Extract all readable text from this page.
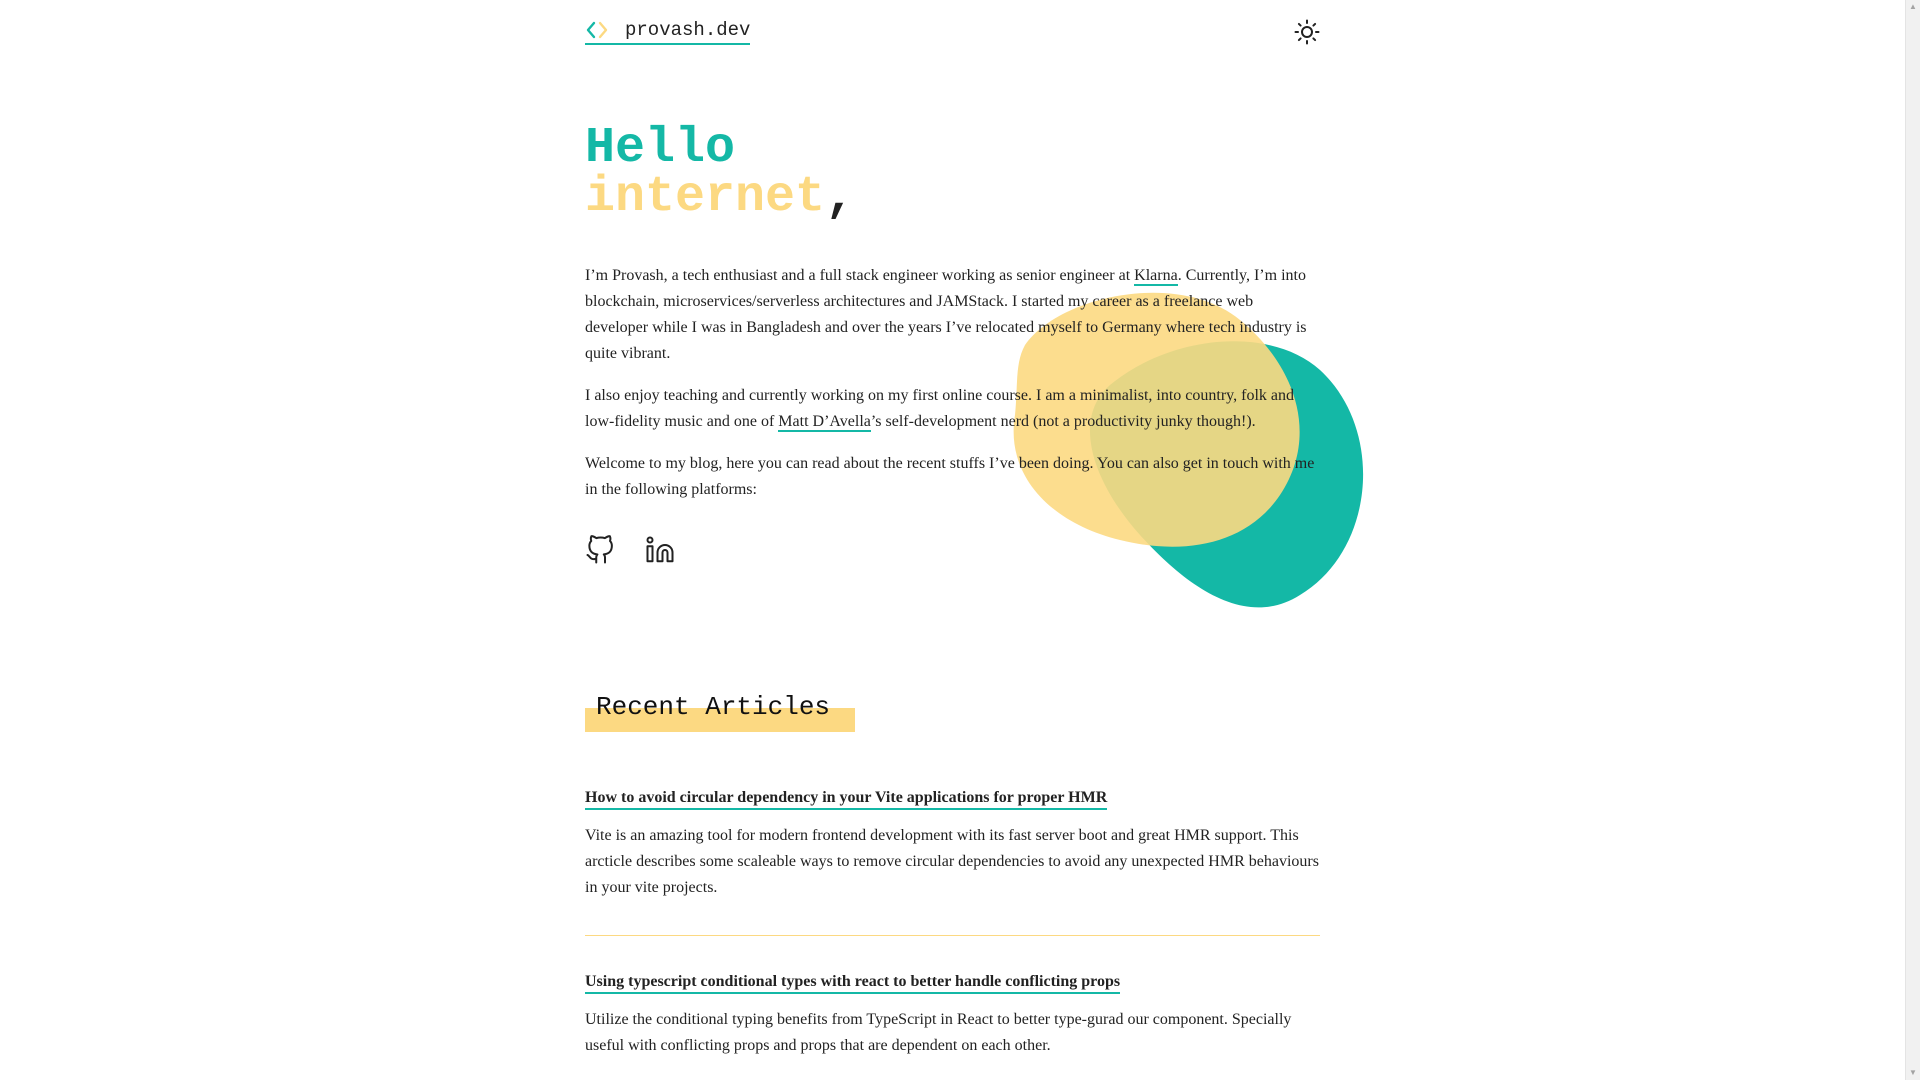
provash.dev
Hello
internet,

I’m Provash, a tech enthusiast and a full stack engineer working as senior engineer at Klarna. Currently, I’m into blockchain, microservices/serverless architectures and JAMStack. I started my career as a freelance web developer while I was in Bangladesh and over the years I’ve relocated myself to Germany where tech industry is quite vibrant.

I also enjoy teaching and currently working on my first online course. I am a minimalist, into country, folk and low-fidelity music and one of Matt D’Avella’s self-development nerd (not a productivity junky though!).

Welcome to my blog, here you can read about the recent stuffs I’ve been doing. You can also get in touch with me in the following platforms:

Recent Articles
How to avoid circular dependency in your Vite applications for proper HMR

Vite is an amazing tool for modern frontend development with its fast server boot and great HMR support. This arcticle describes some scaleable ways to remove circular dependencies to avoid any unexpected HMR behaviours in your vite projects.

Using typescript conditional types with react to better handle conflicting props

Utilize the conditional typing benefits from TypeScript in React to better type-gurad our component. Specially useful with conflicting props and props that are dependent on each other.

▲
▼
